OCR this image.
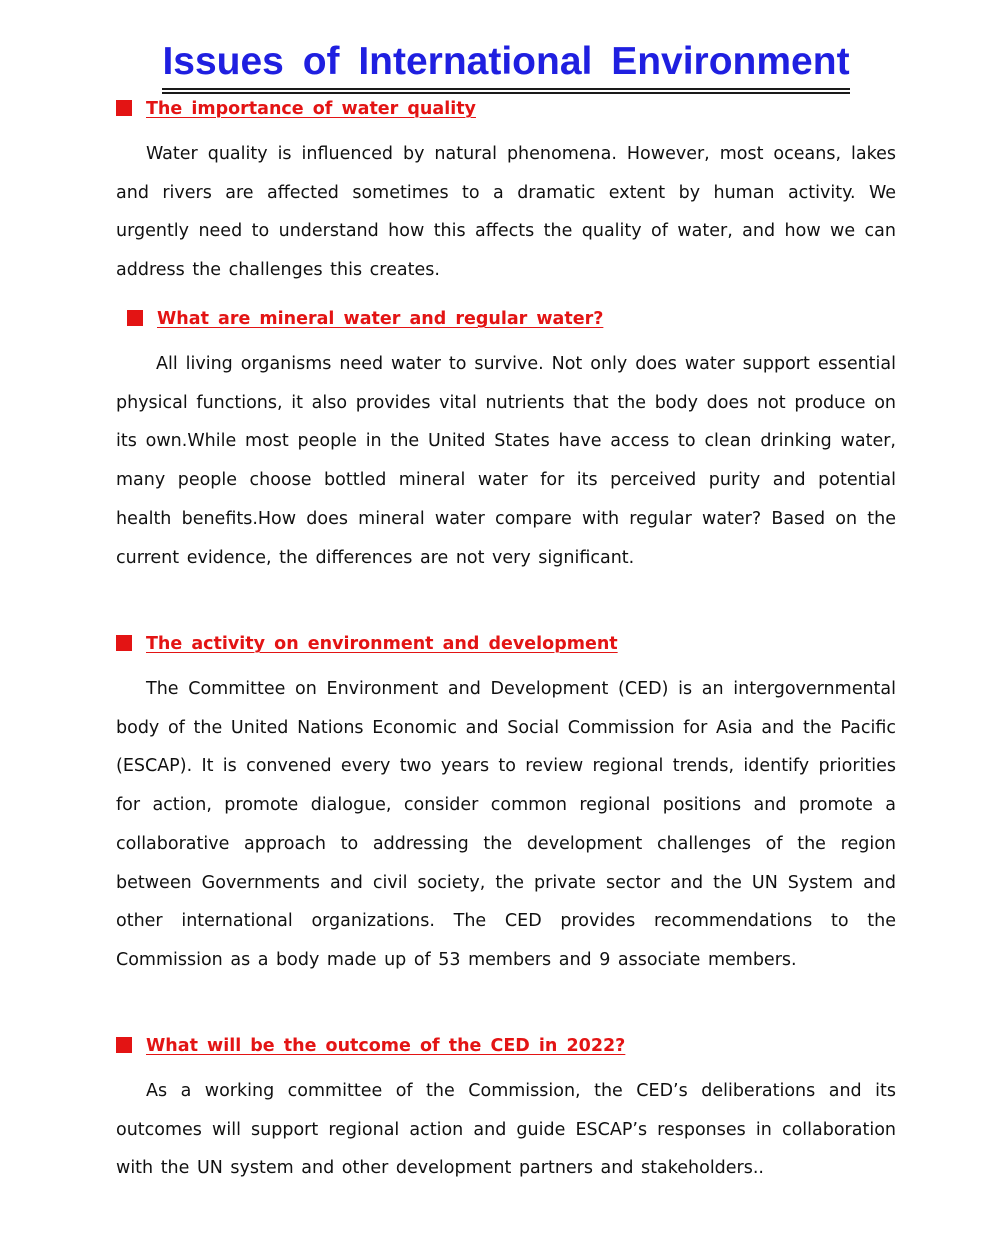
Issues of International Environment
The importance of water quality

Water quality is influenced by natural phenomena. However, most oceans, lakes and rivers are affected sometimes to a dramatic extent by human activity. We urgently need to understand how this affects the quality of water, and how we can address the challenges this creates.

What are mineral water and regular water?

All living organisms need water to survive. Not only does water support essential physical functions, it also provides vital nutrients that the body does not produce on its own.While most people in the United States have access to clean drinking water, many people choose bottled mineral water for its perceived purity and potential health benefits.How does mineral water compare with regular water? Based on the current evidence, the differences are not very significant.

The activity on environment and development

The Committee on Environment and Development (CED) is an intergovernmental body of the United Nations Economic and Social Commission for Asia and the Pacific (ESCAP). It is convened every two years to review regional trends, identify priorities for action, promote dialogue, consider common regional positions and promote a collaborative approach to addressing the development challenges of the region between Governments and civil society, the private sector and the UN System and other international organizations. The CED provides recommendations to the Commission as a body made up of 53 members and 9 associate members.

What will be the outcome of the CED in 2022?

As a working committee of the Commission, the CED’s deliberations and its outcomes will support regional action and guide ESCAP’s responses in collaboration with the UN system and other development partners and stakeholders..
